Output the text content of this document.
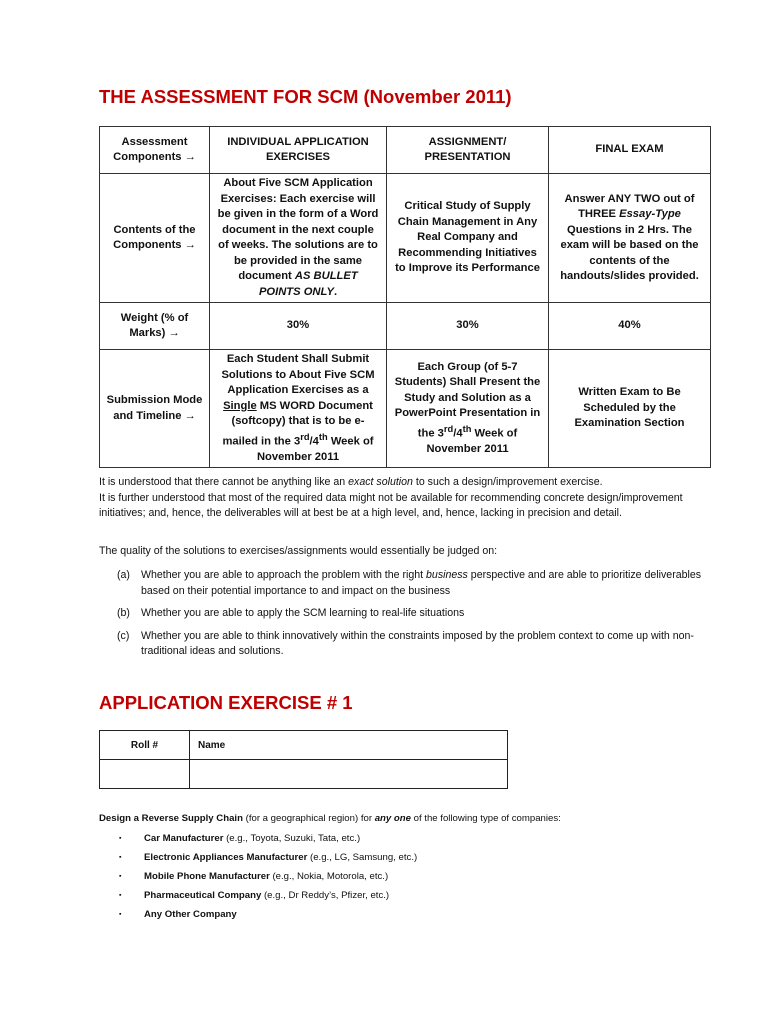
THE ASSESSMENT FOR SCM (November 2011)
Assessment Components →	INDIVIDUAL APPLICATION EXERCISES	ASSIGNMENT/ PRESENTATION	FINAL EXAM
Contents of the Components →	About Five SCM Application Exercises: Each exercise will be given in the form of a Word document in the next couple of weeks. The solutions are to be provided in the same document AS BULLET POINTS ONLY.	Critical Study of Supply Chain Management in Any Real Company and Recommending Initiatives to Improve its Performance	Answer ANY TWO out of THREE Essay-Type Questions in 2 Hrs. The exam will be based on the contents of the handouts/slides provided.
Weight (% of Marks) →	30%	30%	40%
Submission Mode and Timeline →	Each Student Shall Submit Solutions to About Five SCM Application Exercises as a Single MS WORD Document (softcopy) that is to be e-mailed in the 3rd/4th Week of November 2011	Each Group (of 5-7 Students) Shall Present the Study and Solution as a PowerPoint Presentation in the 3rd/4th Week of November 2011	Written Exam to Be Scheduled by the Examination Section
It is understood that there cannot be anything like an exact solution to such a design/improvement exercise.
It is further understood that most of the required data might not be available for recommending concrete design/improvement initiatives; and, hence, the deliverables will at best be at a high level, and, hence, lacking in precision and detail.
The quality of the solutions to exercises/assignments would essentially be judged on:
(a)	Whether you are able to approach the problem with the right business perspective and are able to prioritize deliverables based on their potential importance to and impact on the business
(b)	Whether you are able to apply the SCM learning to real-life situations
(c)	Whether you are able to think innovatively within the constraints imposed by the problem context to come up with non-traditional ideas and solutions.
APPLICATION EXERCISE # 1
Roll #	Name

Design a Reverse Supply Chain (for a geographical region) for any one of the following type of companies:
▪	Car Manufacturer
(e.g., Toyota, Suzuki, Tata, etc.)
▪	Electronic Appliances Manufacturer
(e.g., LG, Samsung, etc.)
▪	Mobile Phone Manufacturer
(e.g., Nokia, Motorola, etc.)
▪	Pharmaceutical Company
(e.g., Dr Reddy’s, Pfizer, etc.)
▪	Any Other Company
